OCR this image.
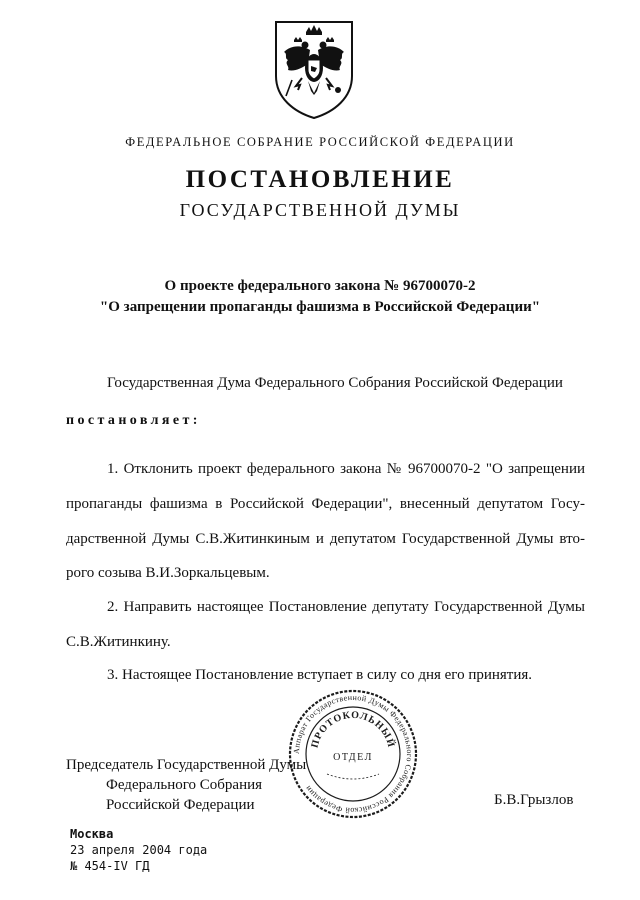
ФЕДЕРАЛЬНОЕ СОБРАНИЕ РОССИЙСКОЙ ФЕДЕРАЦИИ
ПОСТАНОВЛЕНИЕ
ГОСУДАРСТВЕННОЙ ДУМЫ
О проекте федерального закона № 96700070-2
"О запрещении пропаганды фашизма в Российской Федерации"
Государственная Дума Федерального Собрания Российской Федерации
постановляет:
1. Отклонить проект федерального закона № 96700070-2 "О запрещении
пропаганды фашизма в Российской Федерации", внесенный депутатом Госу-
дарственной Думы С.В.Житинкиным и депутатом Государственной Думы вто-
рого созыва В.И.Зоркальцевым.
2. Направить настоящее Постановление депутату Государственной Думы
С.В.Житинкину.
3. Настоящее Постановление вступает в силу со дня его принятия.
Председатель Государственной Думы
Федерального Собрания
Российской Федерации
Аппарат Государственной Думы Федерального Собрания Российской Федерации
ПРОТОКОЛЬНЫЙ
ОТДЕЛ
Б.В.Грызлов
Москва
23 апреля 2004 года
№ 454-IV ГД
